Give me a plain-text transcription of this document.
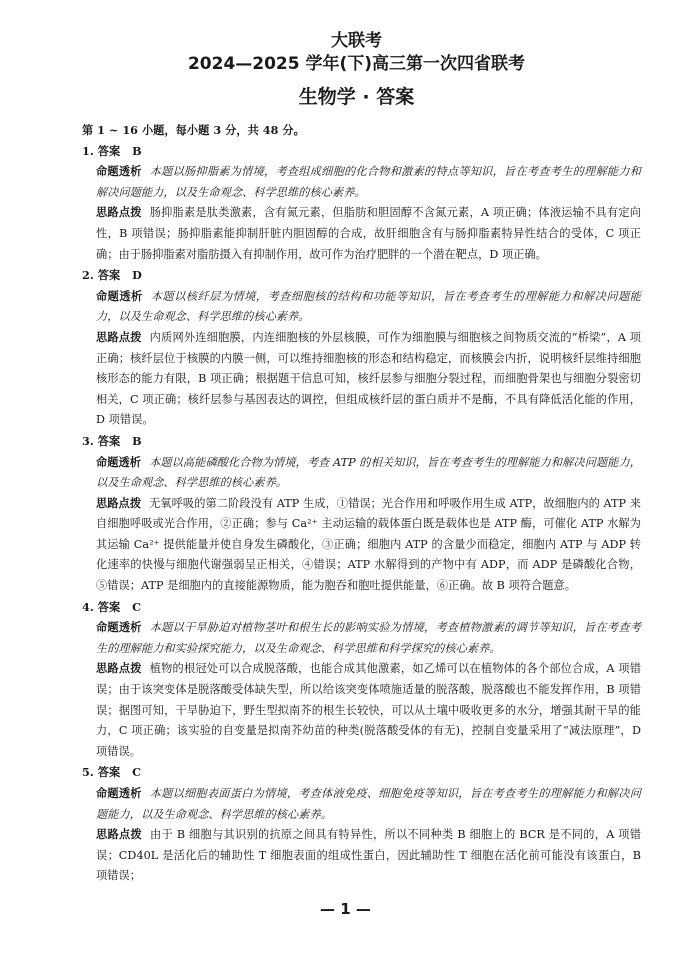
大联考
2024—2025 学年(下)高三第一次四省联考
生物学 · 答案
第 1 ~ 16 小题，每小题 3 分，共 48 分。
1. 答案 B
命题透析 本题以肠抑脂素为情境，考查组成细胞的化合物和激素的特点等知识，旨在考查考生的理解能力和解决问题能力，以及生命观念、科学思维的核心素养。
思路点拨 肠抑脂素是肽类激素，含有氮元素，但脂肪和胆固醇不含氮元素，A 项正确；体液运输不具有定向性，B 项错误；肠抑脂素能抑制肝脏内胆固醇的合成，故肝细胞含有与肠抑脂素特异性结合的受体，C 项正确；由于肠抑脂素对脂肪摄入有抑制作用，故可作为治疗肥胖的一个潜在靶点，D 项正确。
2. 答案 D
命题透析 本题以核纤层为情境，考查细胞核的结构和功能等知识，旨在考查考生的理解能力和解决问题能力，以及生命观念、科学思维的核心素养。
思路点拨 内质网外连细胞膜，内连细胞核的外层核膜，可作为细胞膜与细胞核之间物质交流的“桥梁”，A 项正确；核纤层位于核膜的内膜一侧，可以维持细胞核的形态和结构稳定，而核膜会内折，说明核纤层维持细胞核形态的能力有限，B 项正确；根据题干信息可知，核纤层参与细胞分裂过程，而细胞骨架也与细胞分裂密切相关，C 项正确；核纤层参与基因表达的调控，但组成核纤层的蛋白质并不是酶，不具有降低活化能的作用，D 项错误。
3. 答案 B
命题透析 本题以高能磷酸化合物为情境，考查 ATP 的相关知识，旨在考查考生的理解能力和解决问题能力，以及生命观念、科学思维的核心素养。
思路点拨 无氧呼吸的第二阶段没有 ATP 生成，①错误；光合作用和呼吸作用生成 ATP，故细胞内的 ATP 来自细胞呼吸或光合作用，②正确；参与 Ca²⁺ 主动运输的载体蛋白既是载体也是 ATP 酶，可催化 ATP 水解为其运输 Ca²⁺ 提供能量并使自身发生磷酸化，③正确；细胞内 ATP 的含量少而稳定，细胞内 ATP 与 ADP 转化速率的快慢与细胞代谢强弱呈正相关，④错误；ATP 水解得到的产物中有 ADP，而 ADP 是磷酸化合物，⑤错误；ATP 是细胞内的直接能源物质，能为胞吞和胞吐提供能量，⑥正确。故 B 项符合题意。
4. 答案 C
命题透析 本题以干旱胁迫对植物茎叶和根生长的影响实验为情境，考查植物激素的调节等知识，旨在考查考生的理解能力和实验探究能力，以及生命观念、科学思维和科学探究的核心素养。
思路点拨 植物的根冠处可以合成脱落酸，也能合成其他激素，如乙烯可以在植物体的各个部位合成，A 项错误；由于该突变体是脱落酸受体缺失型，所以给该突变体喷施适量的脱落酸，脱落酸也不能发挥作用，B 项错误；据图可知，干旱胁迫下，野生型拟南芥的根生长较快，可以从土壤中吸收更多的水分，增强其耐干旱的能力，C 项正确；该实验的自变量是拟南芥幼苗的种类(脱落酸受体的有无)，控制自变量采用了“减法原理”，D 项错误。
5. 答案 C
命题透析 本题以细胞表面蛋白为情境，考查体液免疫、细胞免疫等知识，旨在考查考生的理解能力和解决问题能力，以及生命观念、科学思维的核心素养。
思路点拨 由于 B 细胞与其识别的抗原之间具有特异性，所以不同种类 B 细胞上的 BCR 是不同的，A 项错误；CD40L 是活化后的辅助性 T 细胞表面的组成性蛋白，因此辅助性 T 细胞在活化前可能没有该蛋白，B 项错误；
— 1 —
